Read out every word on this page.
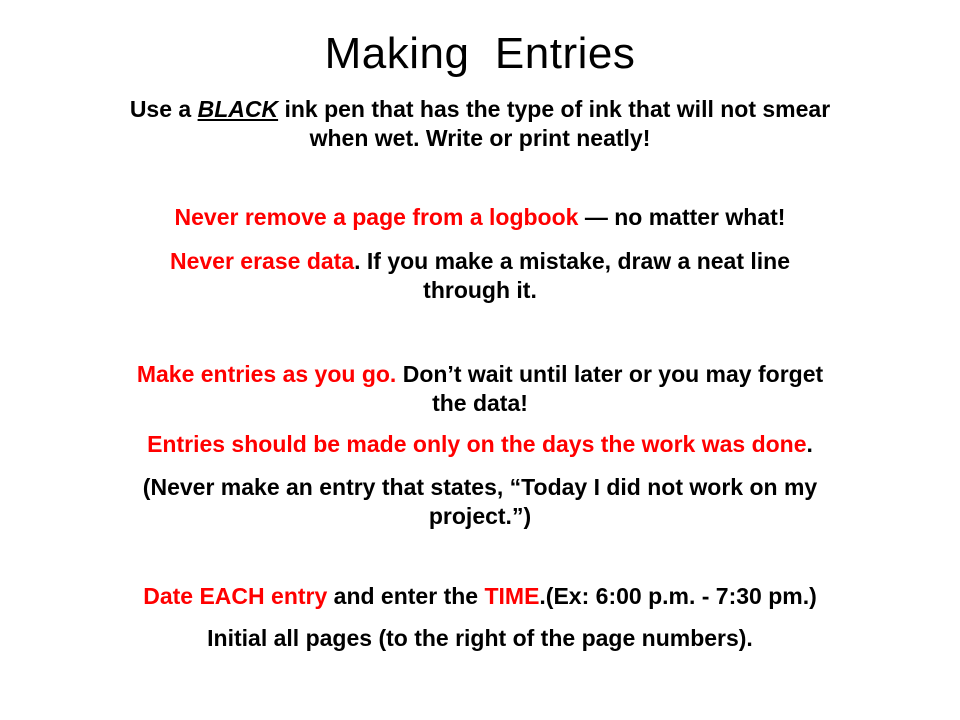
Making  Entries
Use a BLACK ink pen that has the type of ink that will not smear
when wet. Write or print neatly!
Never remove a page from a logbook — no matter what!
Never erase data. If you make a mistake, draw a neat line
through it.
Make entries as you go. Don’t wait until later or you may forget
the data!
Entries should be made only on the days the work was done.
(Never make an entry that states, “Today I did not work on my
project.”)
Date EACH entry and enter the TIME.(Ex: 6:00 p.m. - 7:30 pm.)
Initial all pages (to the right of the page numbers).
